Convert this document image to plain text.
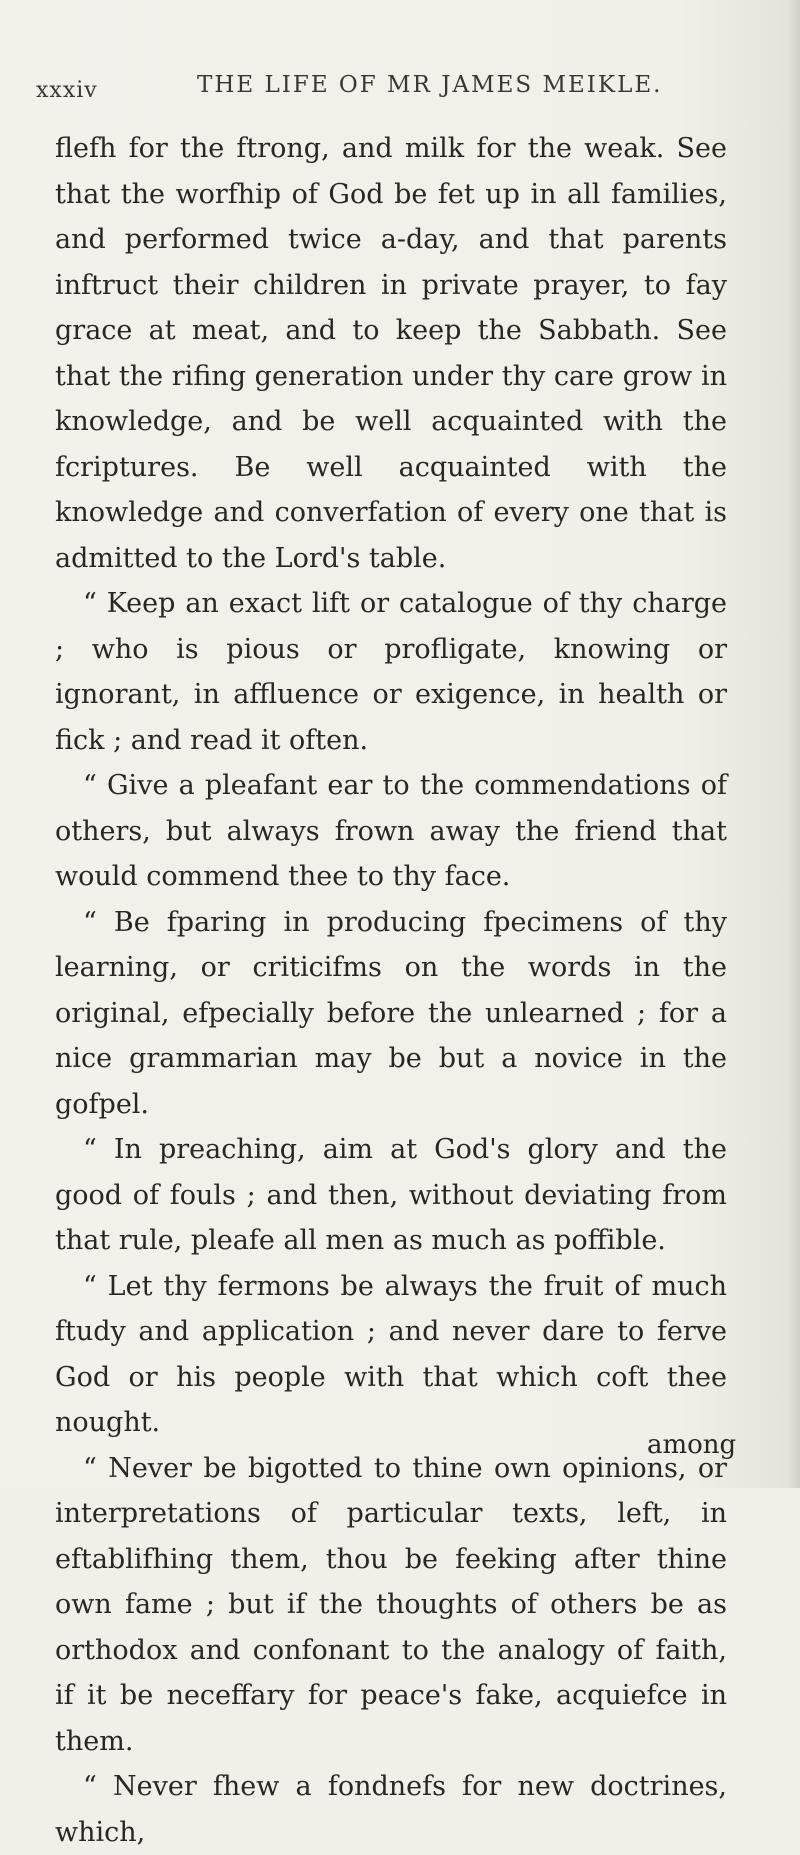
xxxiv	THE LIFE OF MR JAMES MEIKLE.

flefh for the ftrong, and milk for the weak. See that the worfhip of God be fet up in all families, and performed twice a-day, and that parents inftruct their children in private prayer, to fay grace at meat, and to keep the Sabbath. See that the rifing generation under thy care grow in knowledge, and be well acquainted with the fcriptures. Be well acquainted with the knowledge and converfation of every one that is admitted to the Lord's table.

“ Keep an exact lift or catalogue of thy charge ; who is pious or profligate, knowing or ignorant, in affluence or exigence, in health or fick ; and read it often.

“ Give a pleafant ear to the commendations of others, but always frown away the friend that would commend thee to thy face.

“ Be fparing in producing fpecimens of thy learning, or criticifms on the words in the original, efpecially before the unlearned ; for a nice grammarian may be but a novice in the gofpel.

“ In preaching, aim at God's glory and the good of fouls ; and then, without deviating from that rule, pleafe all men as much as poffible.

“ Let thy fermons be always the fruit of much ftudy and application ; and never dare to ferve God or his people with that which coft thee nought.

“ Never be bigotted to thine own opinions, or interpretations of particular texts, left, in eftablifhing them, thou be feeking after thine own fame ; but if the thoughts of others be as orthodox and confonant to the analogy of faith, if it be neceffary for peace's fake, acquiefce in them.

“ Never fhew a fondnefs for new doctrines, which,

among
